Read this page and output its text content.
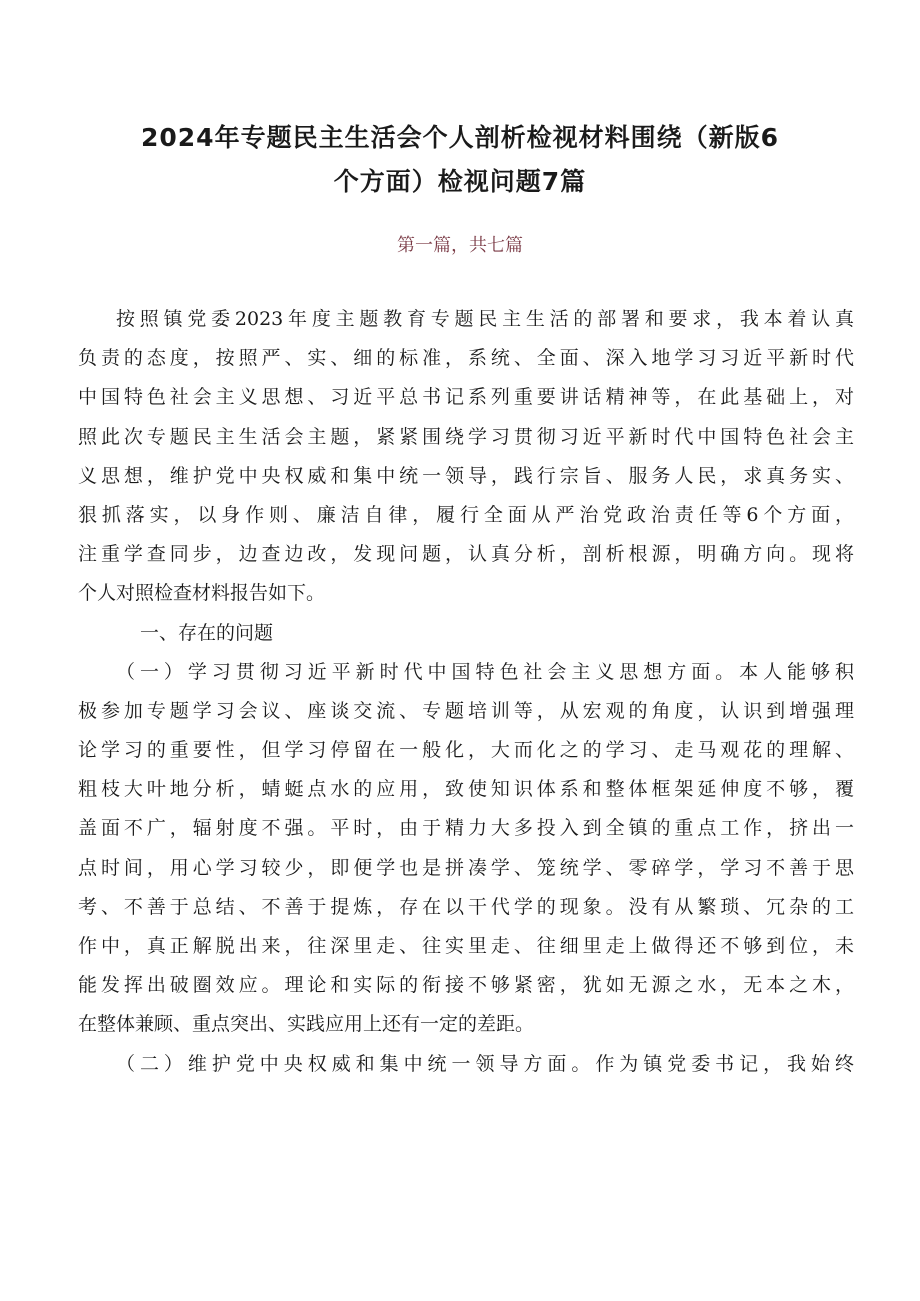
2024年专题民主生活会个人剖析检视材料围绕（新版6
个方面）检视问题7篇

第一篇，共七篇

按照镇党委2023年度主题教育专题民主生活的部署和要求，我本着认真
负责的态度，按照严、实、细的标准，系统、全面、深入地学习习近平新时代
中国特色社会主义思想、习近平总书记系列重要讲话精神等，在此基础上，对
照此次专题民主生活会主题，紧紧围绕学习贯彻习近平新时代中国特色社会主
义思想，维护党中央权威和集中统一领导，践行宗旨、服务人民，求真务实、
狠抓落实，以身作则、廉洁自律，履行全面从严治党政治责任等6个方面，
注重学查同步，边查边改，发现问题，认真分析，剖析根源，明确方向。现将
个人对照检查材料报告如下。
一、存在的问题
（一）学习贯彻习近平新时代中国特色社会主义思想方面。本人能够积
极参加专题学习会议、座谈交流、专题培训等，从宏观的角度，认识到增强理
论学习的重要性，但学习停留在一般化，大而化之的学习、走马观花的理解、
粗枝大叶地分析，蜻蜓点水的应用，致使知识体系和整体框架延伸度不够，覆
盖面不广，辐射度不强。平时，由于精力大多投入到全镇的重点工作，挤出一
点时间，用心学习较少，即便学也是拼凑学、笼统学、零碎学，学习不善于思
考、不善于总结、不善于提炼，存在以干代学的现象。没有从繁琐、冗杂的工
作中，真正解脱出来，往深里走、往实里走、往细里走上做得还不够到位，未
能发挥出破圈效应。理论和实际的衔接不够紧密，犹如无源之水，无本之木，
在整体兼顾、重点突出、实践应用上还有一定的差距。
（二）维护党中央权威和集中统一领导方面。作为镇党委书记，我始终
